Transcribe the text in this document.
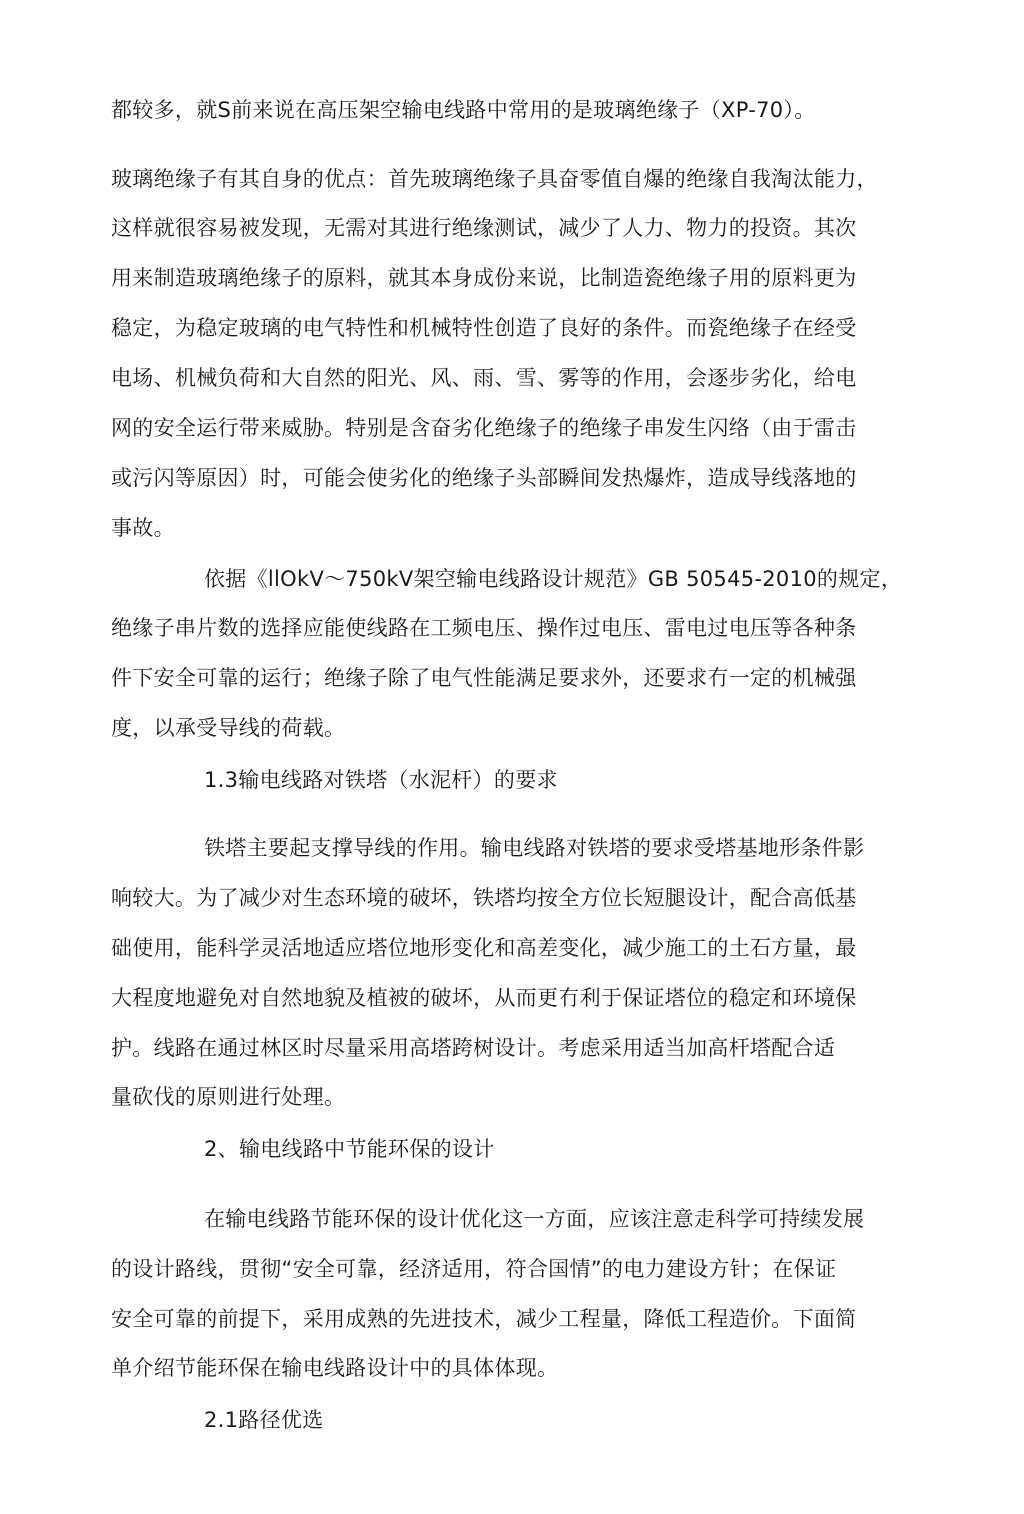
都较多，就S前来说在高压架空输电线路中常用的是玻璃绝缘子（XP-70）。
玻璃绝缘子有其自身的优点：首先玻璃绝缘子具奋零值自爆的绝缘自我淘汰能力，
这样就很容易被发现，无需对其进行绝缘测试，减少了人力、物力的投资。其次
用来制造玻璃绝缘子的原料，就其本身成份来说，比制造瓷绝缘子用的原料更为
稳定，为稳定玻璃的电气特性和机械特性创造了良好的条件。而瓷绝缘子在经受
电场、机械负荷和大自然的阳光、风、雨、雪、雾等的作用，会逐步劣化，给电
网的安全运行带来威胁。特别是含奋劣化绝缘子的绝缘子串发生闪络（由于雷击
或污闪等原因）时，可能会使劣化的绝缘子头部瞬间发热爆炸，造成导线落地的
事故。
依据《llOkV～750kV架空输电线路设计规范》GB 50545-2010的规定，
绝缘子串片数的选择应能使线路在工频电压、操作过电压、雷电过电压等各种条
件下安全可靠的运行；绝缘子除了电气性能满足要求外，还要求冇一定的机械强
度，以承受导线的荷载。
1.3输电线路对铁塔（水泥杆）的要求
铁塔主要起支撑导线的作用。输电线路对铁塔的要求受塔基地形条件影
响较大。为了减少对生态环境的破坏，铁塔均按全方位长短腿设计，配合高低基
础使用，能科学灵活地适应塔位地形变化和高差变化，减少施工的土石方量，最
大程度地避免对自然地貌及植被的破坏，从而更冇利于保证塔位的稳定和环境保
护。线路在通过林区时尽量采用高塔跨树设计。考虑采用适当加高杆塔配合适
量砍伐的原则进行处理。
2、输电线路中节能环保的设计
在输电线路节能环保的设计优化这一方面，应该注意走科学可持续发展
的设计路线，贯彻“安全可靠，经济适用，符合国情”的电力建设方针；在保证
安全可靠的前提下，采用成熟的先进技术，减少工程量，降低工程造价。下面简
单介绍节能环保在输电线路设计中的具体体现。
2.1路径优选
